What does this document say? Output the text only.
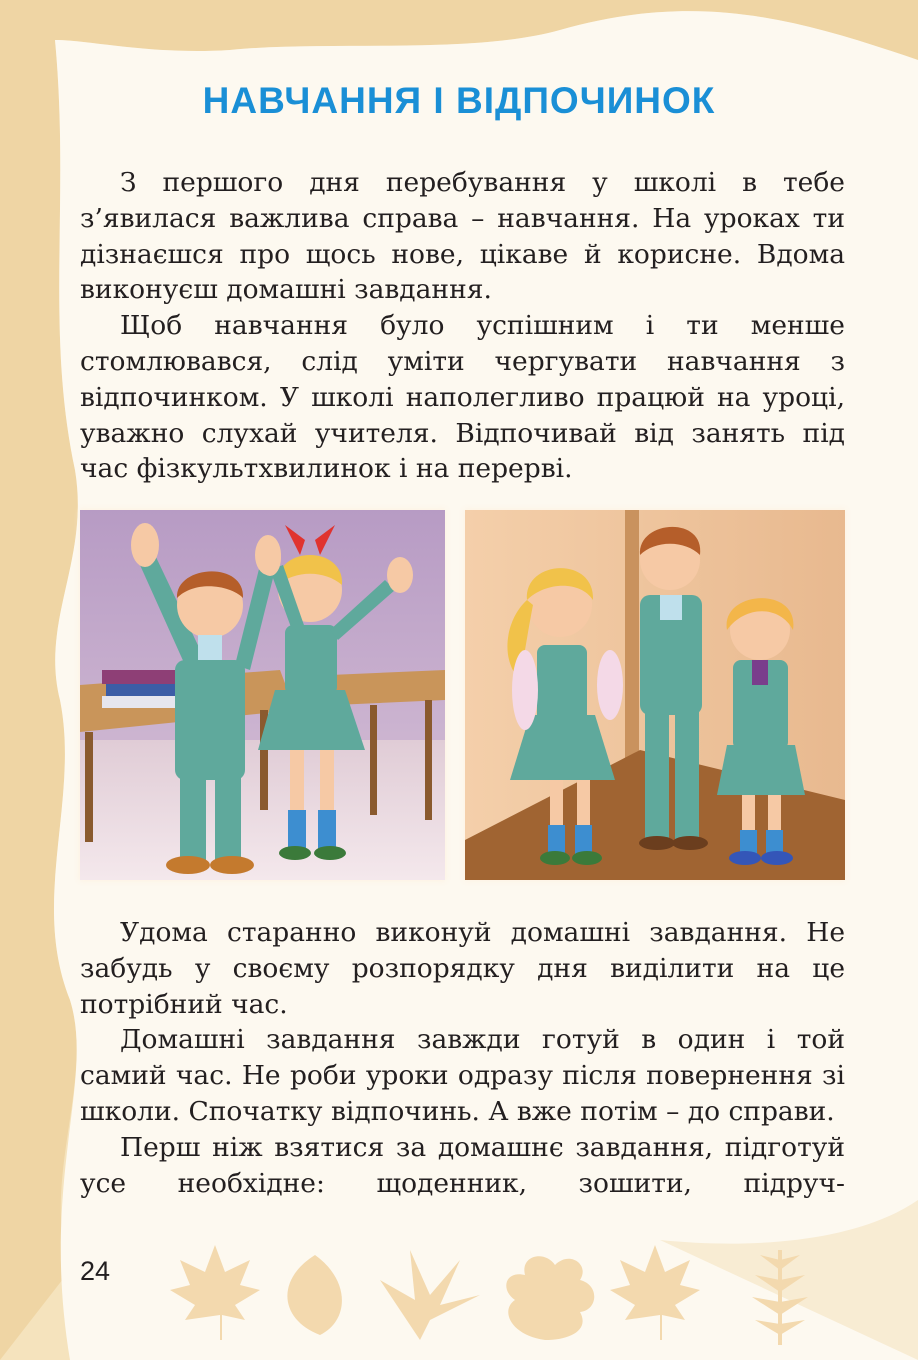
НАВЧАННЯ І ВІДПОЧИНОК

З першого дня перебування у школі в тебе з’явилася важлива справа – навчання. На уроках ти дізнаєшся про щось нове, цікаве й корисне. Вдома виконуєш домашні завдання.

Щоб навчання було успішним і ти менше стомлювався, слід уміти чергувати навчання з відпочинком. У школі наполегливо працюй на уроці, уважно слухай учителя. Відпочивай від занять під час фізкультхвилинок і на перерві.

Удома старанно виконуй домашні завдання. Не забудь у своєму розпорядку дня виділити на це потрібний час.

Домашні завдання завжди готуй в один і той самий час. Не роби уроки одразу після повернення зі школи. Спочатку відпочинь. А вже потім – до справи.

Перш ніж взятися за домашнє завдання, підготуй усе необхідне: щоденник, зошити, підруч-

24
